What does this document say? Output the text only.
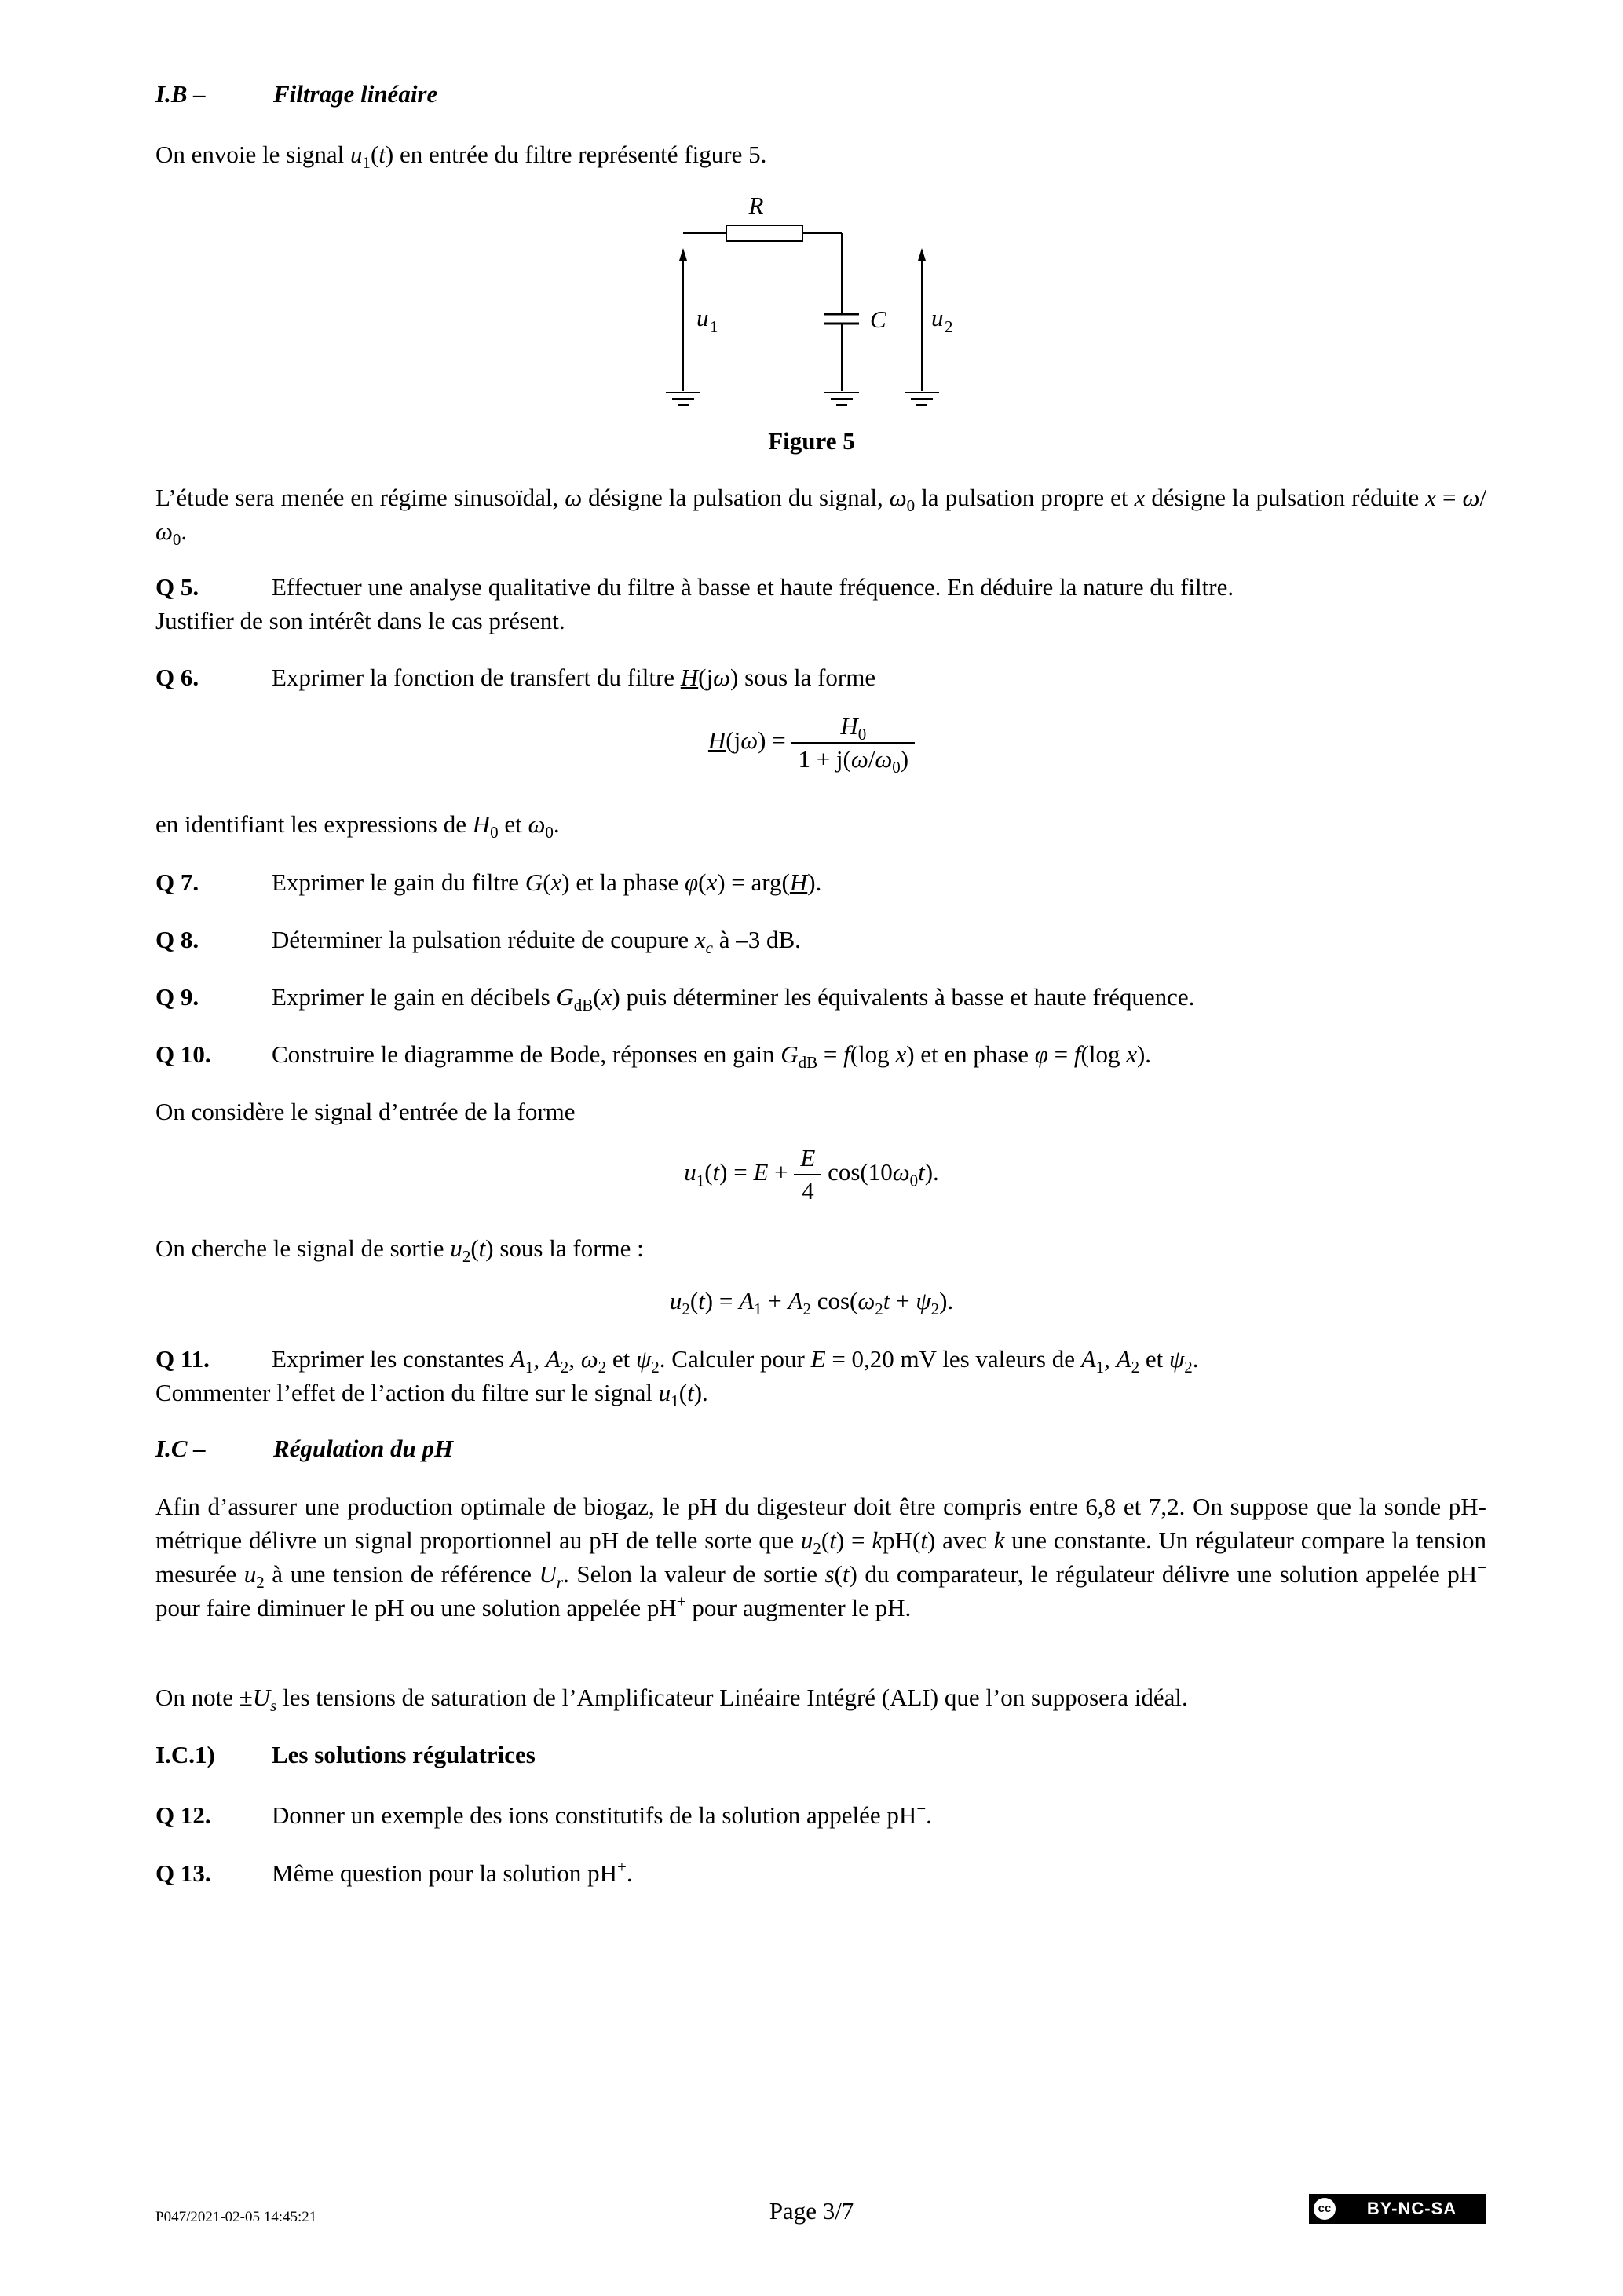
I.B –	Filtrage linéaire
On envoie le signal $u_1(t)$ en entrée du filtre représenté figure 5.
R
C
u 1	u 2
Figure 5
L’étude sera menée en régime sinusoïdal, ω désigne la pulsation du signal, $\omega_0$ la pulsation propre et x désigne la pulsation réduite $x = \omega/\omega_0$.
Q 5.	Effectuer une analyse qualitative du filtre à basse et haute fréquence. En déduire la nature du filtre.
Justifier de son intérêt dans le cas présent.
Q 6.	Exprimer la fonction de transfert du filtre H(jω) sous la forme
$H(j\omega) = \frac{H_0}{1 + j(\omega/\omega_0)}$
en identifiant les expressions de $H_0$ et $\omega_0$.
Q 7.	Exprimer le gain du filtre G(x) et la phase φ(x) = arg(H).
Q 8.	Déterminer la pulsation réduite de coupure $x_c$ à –3 dB.
Q 9.	Exprimer le gain en décibels $G_{dB}(x)$ puis déterminer les équivalents à basse et haute fréquence.
Q 10. Construire le diagramme de Bode, réponses en gain $G_{dB} = f(\log$ x) et en phase φ = f(log x).
On considère le signal d’entrée de la forme
$u_1(t) = E + \frac{E}{4} \cos(10\omega_0t)$.
On cherche le signal de sortie $u_2(t)$ sous la forme :
$u_2(t) = A_1 + A_2$ $\cos(\omega_2t + \psi_2)$.
Q 11.	Exprimer les constantes $A_1$, $A_2$, $\omega_2$ et $\psi_2$. Calculer pour E = 0,20 mV les valeurs de $A_1$, $A_2$ et $\psi_2$.
Commenter l’effet de l’action du filtre sur le signal $u_1(t)$.
I.C –	Régulation du pH
Afin d’assurer une production optimale de biogaz, le pH du digesteur doit être compris entre 6,8 et 7,2. On suppose que la sonde pH-métrique délivre un signal proportionnel au pH de telle sorte que $u_2(t) = kpH(t)$ avec k une constante. Un régulateur compare la tension mesurée $u_2$ à une tension de référence $U_r$. Selon la valeur de sortie s(t) du comparateur, le régulateur délivre une solution appelée pH− pour faire diminuer le pH ou une solution appelée pH+ pour augmenter le pH.
On note $\pm U_s$ les tensions de saturation de l’Amplificateur Linéaire Intégré (ALI) que l’on supposera idéal.
I.C.1) Les solutions régulatrices
Q 12. Donner un exemple des ions constitutifs de la solution appelée pH−.
Q 13. Même question pour la solution pH+.
P047/2021-02-05 14:45:21	Page 3/7	cc	BY-NC-SA
